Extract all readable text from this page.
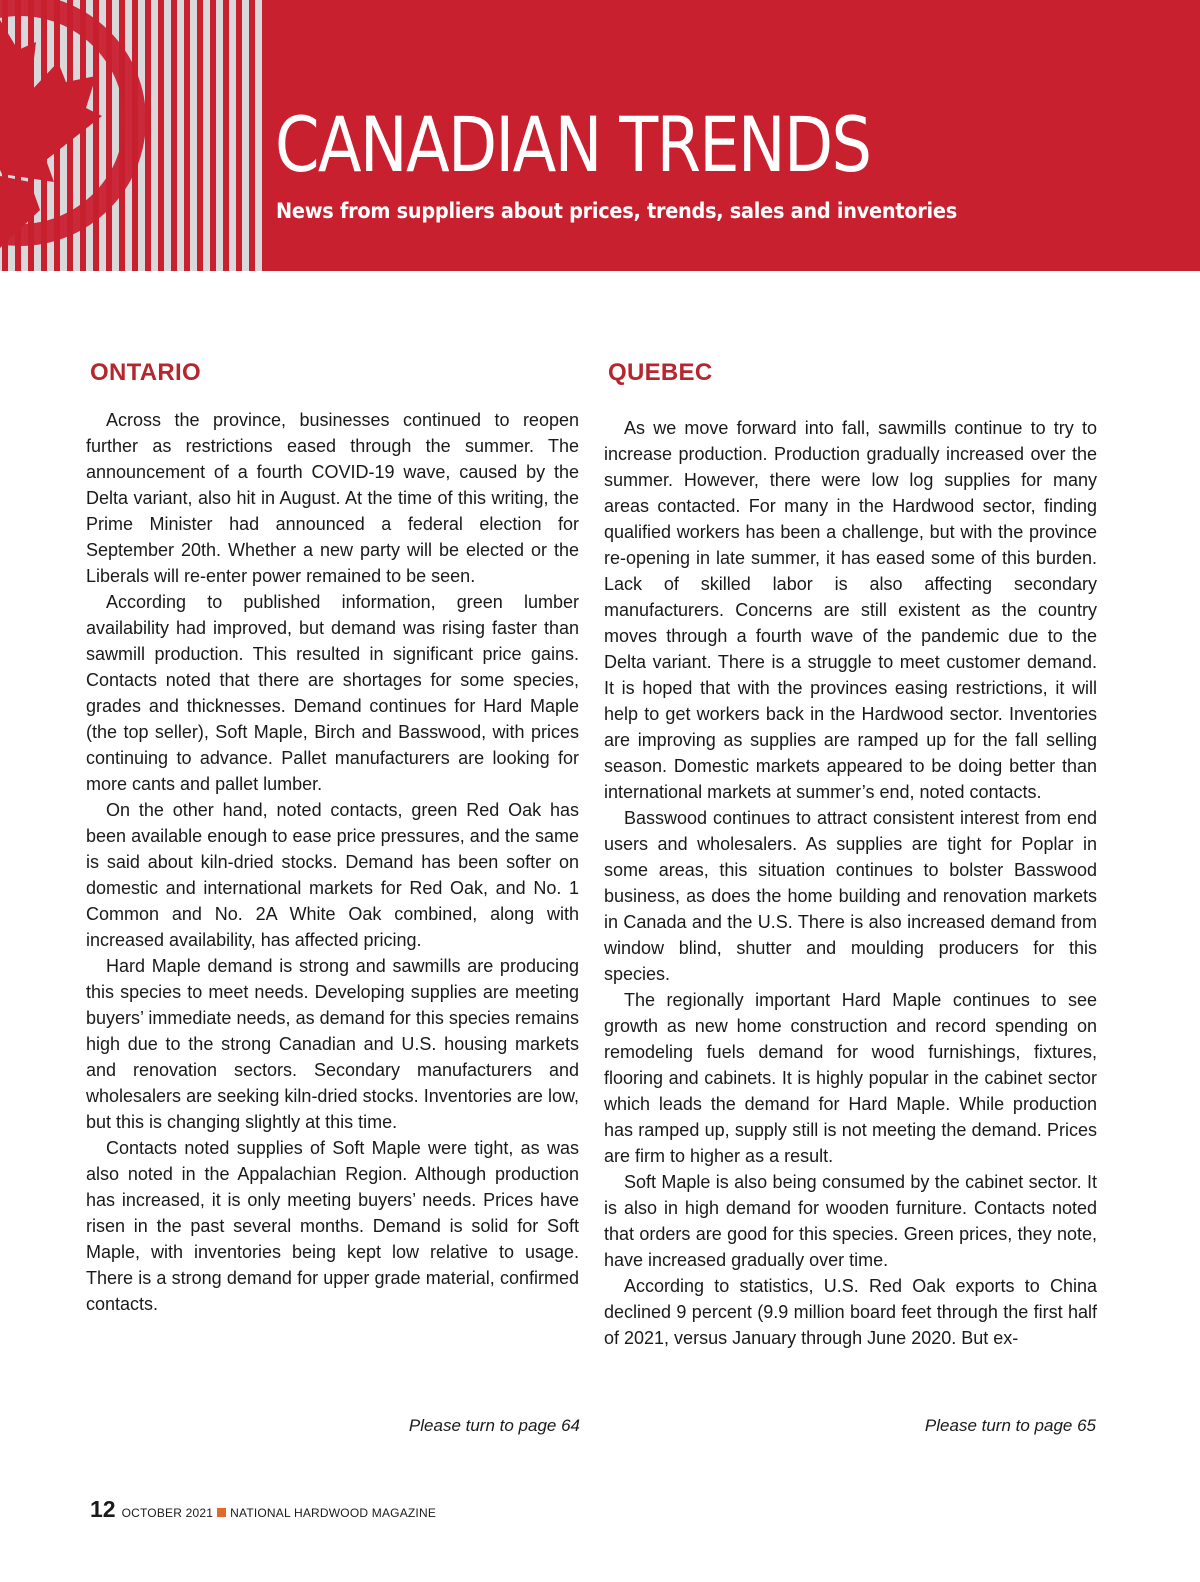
CANADIAN TRENDS

News from suppliers about prices, trends, sales and inventories

ONTARIO

Across the province, businesses continued to reopen further as restrictions eased through the summer. The announcement of a fourth COVID-19 wave, caused by the Delta variant, also hit in August. At the time of this writing, the Prime Minister had announced a federal election for September 20th. Whether a new party will be elected or the Liberals will re-enter power remained to be seen.

According to published information, green lumber availability had improved, but demand was rising faster than sawmill production. This resulted in significant price gains. Contacts noted that there are shortages for some species, grades and thicknesses. Demand continues for Hard Maple (the top seller), Soft Maple, Birch and Basswood, with prices continuing to advance. Pallet manufacturers are looking for more cants and pallet lumber.

On the other hand, noted contacts, green Red Oak has been available enough to ease price pressures, and the same is said about kiln-dried stocks. Demand has been softer on domestic and international markets for Red Oak, and No. 1 Common and No. 2A White Oak combined, along with increased availability, has affected pricing.

Hard Maple demand is strong and sawmills are producing this species to meet needs. Developing supplies are meeting buyers’ immediate needs, as demand for this species remains high due to the strong Canadian and U.S. housing markets and renovation sectors. Secondary manufacturers and wholesalers are seeking kiln-dried stocks. Inventories are low, but this is changing slightly at this time.

Contacts noted supplies of Soft Maple were tight, as was also noted in the Appalachian Region. Although production has increased, it is only meeting buyers’ needs. Prices have risen in the past several months. Demand is solid for Soft Maple, with inventories being kept low relative to usage. There is a strong demand for upper grade material, confirmed contacts.

Please turn to page 64

QUEBEC

As we move forward into fall, sawmills continue to try to increase production. Production gradually increased over the summer. However, there were low log supplies for many areas contacted. For many in the Hardwood sector, finding qualified workers has been a challenge, but with the province re-opening in late summer, it has eased some of this burden. Lack of skilled labor is also affecting secondary manufacturers. Concerns are still existent as the country moves through a fourth wave of the pandemic due to the Delta variant. There is a struggle to meet customer demand. It is hoped that with the provinces easing restrictions, it will help to get workers back in the Hardwood sector. Inventories are improving as supplies are ramped up for the fall selling season. Domestic markets appeared to be doing better than international markets at summer’s end, noted contacts.

Basswood continues to attract consistent interest from end users and wholesalers. As supplies are tight for Poplar in some areas, this situation continues to bolster Basswood business, as does the home building and renovation markets in Canada and the U.S. There is also increased demand from window blind, shutter and moulding producers for this species.

The regionally important Hard Maple continues to see growth as new home construction and record spending on remodeling fuels demand for wood furnishings, fixtures, flooring and cabinets. It is highly popular in the cabinet sector which leads the demand for Hard Maple. While production has ramped up, supply still is not meeting the demand. Prices are firm to higher as a result.

Soft Maple is also being consumed by the cabinet sector. It is also in high demand for wooden furniture. Contacts noted that orders are good for this species. Green prices, they note, have increased gradually over time.

According to statistics, U.S. Red Oak exports to China declined 9 percent (9.9 million board feet through the first half of 2021, versus January through June 2020. But ex-

Please turn to page 65

12 OCTOBER 2021 NATIONAL HARDWOOD MAGAZINE
